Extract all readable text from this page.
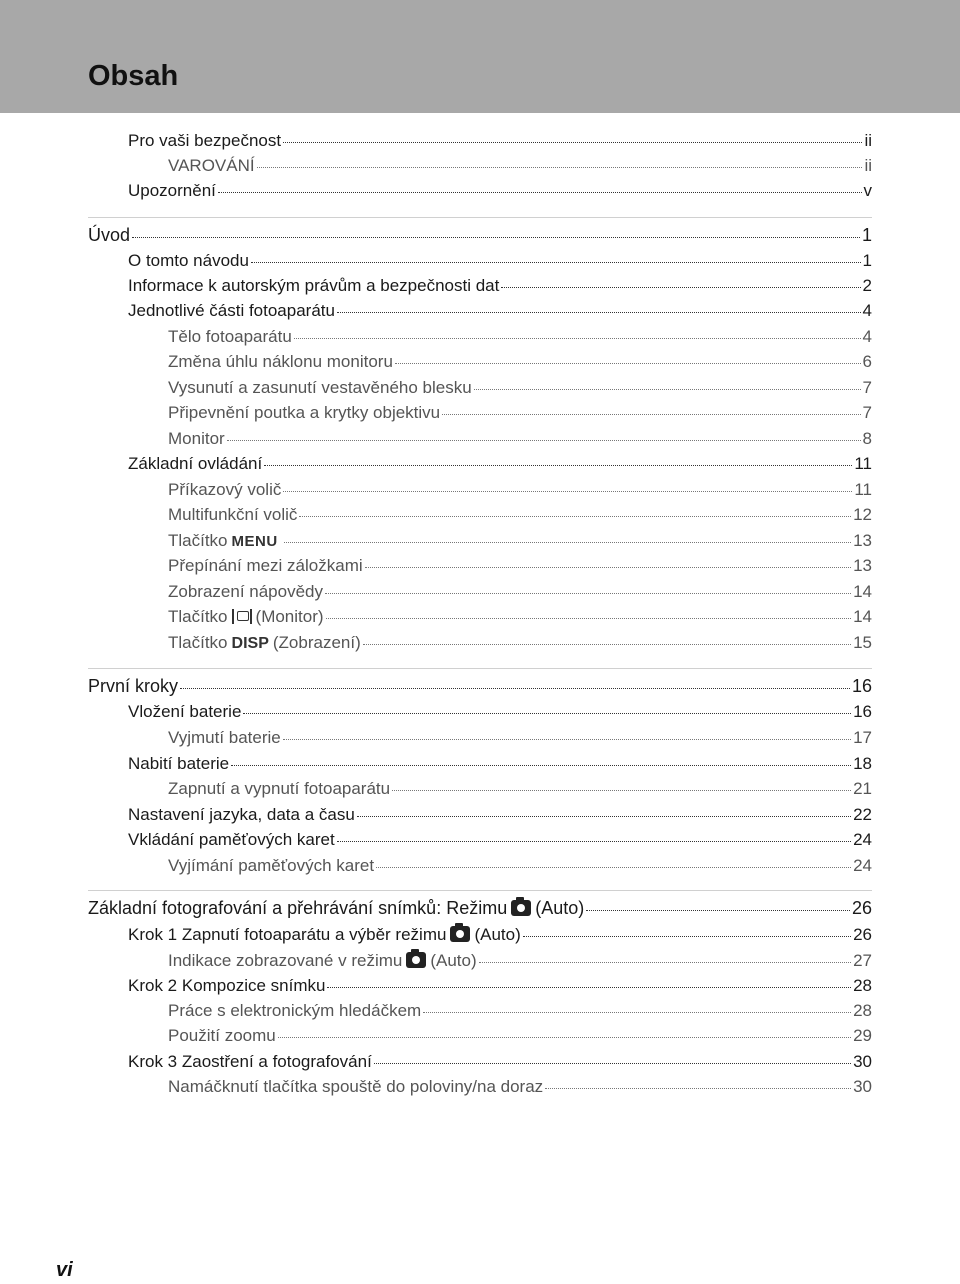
Obsah
Pro vaši bezpečnost	ii
VAROVÁNÍ	ii
Upozornění	v
Úvod	1
O tomto návodu	1
Informace k autorským právům a bezpečnosti dat	2
Jednotlivé části fotoaparátu	4
Tělo fotoaparátu	4
Změna úhlu náklonu monitoru	6
Vysunutí a zasunutí vestavěného blesku	7
Připevnění poutka a krytky objektivu	7
Monitor	8
Základní ovládání	11
Příkazový volič	11
Multifunkční volič	12
Tlačítko MENU	13
Přepínání mezi záložkami	13
Zobrazení nápovědy	14
Tlačítko (Monitor)	14
Tlačítko DISP (Zobrazení)	15
První kroky	16
Vložení baterie	16
Vyjmutí baterie	17
Nabití baterie	18
Zapnutí a vypnutí fotoaparátu	21
Nastavení jazyka, data a času	22
Vkládání paměťových karet	24
Vyjímání paměťových karet	24
Základní fotografování a přehrávání snímků: Režimu (Auto)	26
Krok 1 Zapnutí fotoaparátu a výběr režimu (Auto)	26
Indikace zobrazované v režimu (Auto)	27
Krok 2 Kompozice snímku	28
Práce s elektronickým hledáčkem	28
Použití zoomu	29
Krok 3 Zaostření a fotografování	30
Namáčknutí tlačítka spouště do poloviny/na doraz	30
vi
